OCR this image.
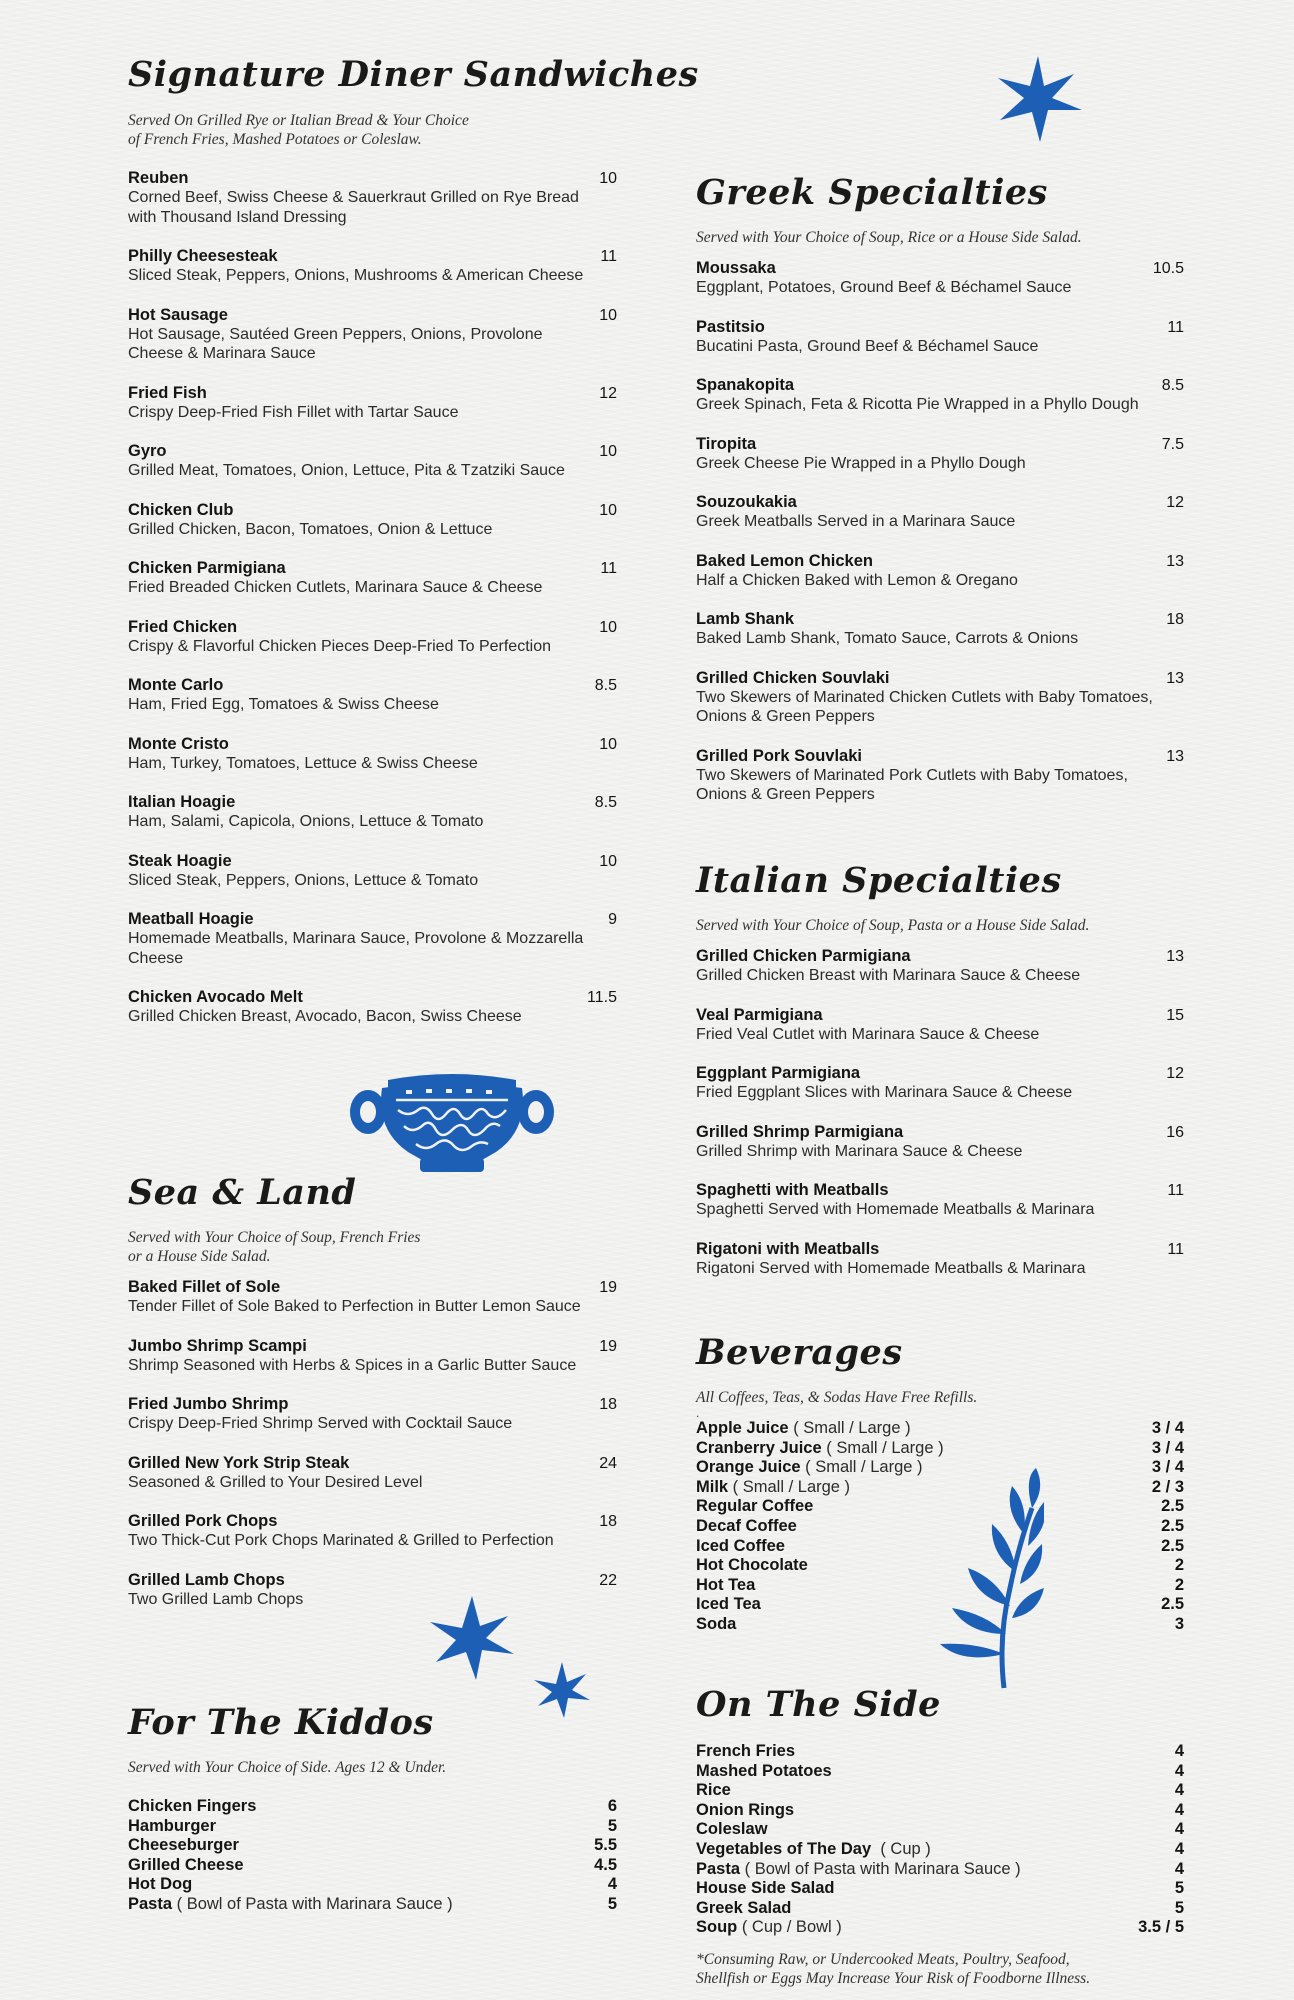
Signature Diner Sandwiches
Served On Grilled Rye or Italian Bread & Your Choice
of French Fries, Mashed Potatoes or Coleslaw.
Reuben	10
Corned Beef, Swiss Cheese & Sauerkraut Grilled on Rye Bread with Thousand Island Dressing
Philly Cheesesteak	11
Sliced Steak, Peppers, Onions, Mushrooms & American Cheese
Hot Sausage	10
Hot Sausage, Sautéed Green Peppers, Onions, Provolone Cheese & Marinara Sauce
Fried Fish	12
Crispy Deep-Fried Fish Fillet with Tartar Sauce
Gyro	10
Grilled Meat, Tomatoes, Onion, Lettuce, Pita & Tzatziki Sauce
Chicken Club	10
Grilled Chicken, Bacon, Tomatoes, Onion & Lettuce
Chicken Parmigiana	11
Fried Breaded Chicken Cutlets, Marinara Sauce & Cheese
Fried Chicken	10
Crispy & Flavorful Chicken Pieces Deep-Fried To Perfection
Monte Carlo	8.5
Ham, Fried Egg, Tomatoes & Swiss Cheese
Monte Cristo	10
Ham, Turkey, Tomatoes, Lettuce & Swiss Cheese
Italian Hoagie	8.5
Ham, Salami, Capicola, Onions, Lettuce & Tomato
Steak Hoagie	10
Sliced Steak, Peppers, Onions, Lettuce & Tomato
Meatball Hoagie	9
Homemade Meatballs, Marinara Sauce, Provolone & Mozzarella Cheese
Chicken Avocado Melt	11.5
Grilled Chicken Breast, Avocado, Bacon, Swiss Cheese
Sea & Land
Served with Your Choice of Soup, French Fries
or a House Side Salad.
Baked Fillet of Sole	19
Tender Fillet of Sole Baked to Perfection in Butter Lemon Sauce
Jumbo Shrimp Scampi	19
Shrimp Seasoned with Herbs & Spices in a Garlic Butter Sauce
Fried Jumbo Shrimp	18
Crispy Deep-Fried Shrimp Served with Cocktail Sauce
Grilled New York Strip Steak	24
Seasoned & Grilled to Your Desired Level
Grilled Pork Chops	18
Two Thick-Cut Pork Chops Marinated & Grilled to Perfection
Grilled Lamb Chops	22
Two Grilled Lamb Chops
For The Kiddos
Served with Your Choice of Side. Ages 12 & Under.
Chicken Fingers	6
Hamburger	5
Cheeseburger	5.5
Grilled Cheese	4.5
Hot Dog	4
Pasta ( Bowl of Pasta with Marinara Sauce )	5
Greek Specialties
Served with Your Choice of Soup, Rice or a House Side Salad.
Moussaka	10.5
Eggplant, Potatoes, Ground Beef & Béchamel Sauce
Pastitsio	11
Bucatini Pasta, Ground Beef & Béchamel Sauce
Spanakopita	8.5
Greek Spinach, Feta & Ricotta Pie Wrapped in a Phyllo Dough
Tiropita	7.5
Greek Cheese Pie Wrapped in a Phyllo Dough
Souzoukakia	12
Greek Meatballs Served in a Marinara Sauce
Baked Lemon Chicken	13
Half a Chicken Baked with Lemon & Oregano
Lamb Shank	18
Baked Lamb Shank, Tomato Sauce, Carrots & Onions
Grilled Chicken Souvlaki	13
Two Skewers of Marinated Chicken Cutlets with Baby Tomatoes, Onions & Green Peppers
Grilled Pork Souvlaki	13
Two Skewers of Marinated Pork Cutlets with Baby Tomatoes, Onions & Green Peppers
Italian Specialties
Served with Your Choice of Soup, Pasta or a House Side Salad.
Grilled Chicken Parmigiana	13
Grilled Chicken Breast with Marinara Sauce & Cheese
Veal Parmigiana	15
Fried Veal Cutlet with Marinara Sauce & Cheese
Eggplant Parmigiana	12
Fried Eggplant Slices with Marinara Sauce & Cheese
Grilled Shrimp Parmigiana	16
Grilled Shrimp with Marinara Sauce & Cheese
Spaghetti with Meatballs	11
Spaghetti Served with Homemade Meatballs & Marinara
Rigatoni with Meatballs	11
Rigatoni Served with Homemade Meatballs & Marinara
Beverages
All Coffees, Teas, & Sodas Have Free Refills.
.
Apple Juice ( Small / Large )	3 / 4
Cranberry Juice ( Small / Large )	3 / 4
Orange Juice ( Small / Large )	3 / 4
Milk ( Small / Large )	2 / 3
Regular Coffee	2.5
Decaf Coffee	2.5
Iced Coffee	2.5
Hot Chocolate	2
Hot Tea	2
Iced Tea	2.5
Soda	3
On The Side
French Fries	4
Mashed Potatoes	4
Rice	4
Onion Rings	4
Coleslaw	4
Vegetables of The Day  ( Cup )	4
Pasta ( Bowl of Pasta with Marinara Sauce )	4
House Side Salad	5
Greek Salad	5
Soup ( Cup / Bowl )	3.5 / 5
*Consuming Raw, or Undercooked Meats, Poultry, Seafood,
Shellfish or Eggs May Increase Your Risk of Foodborne Illness.
